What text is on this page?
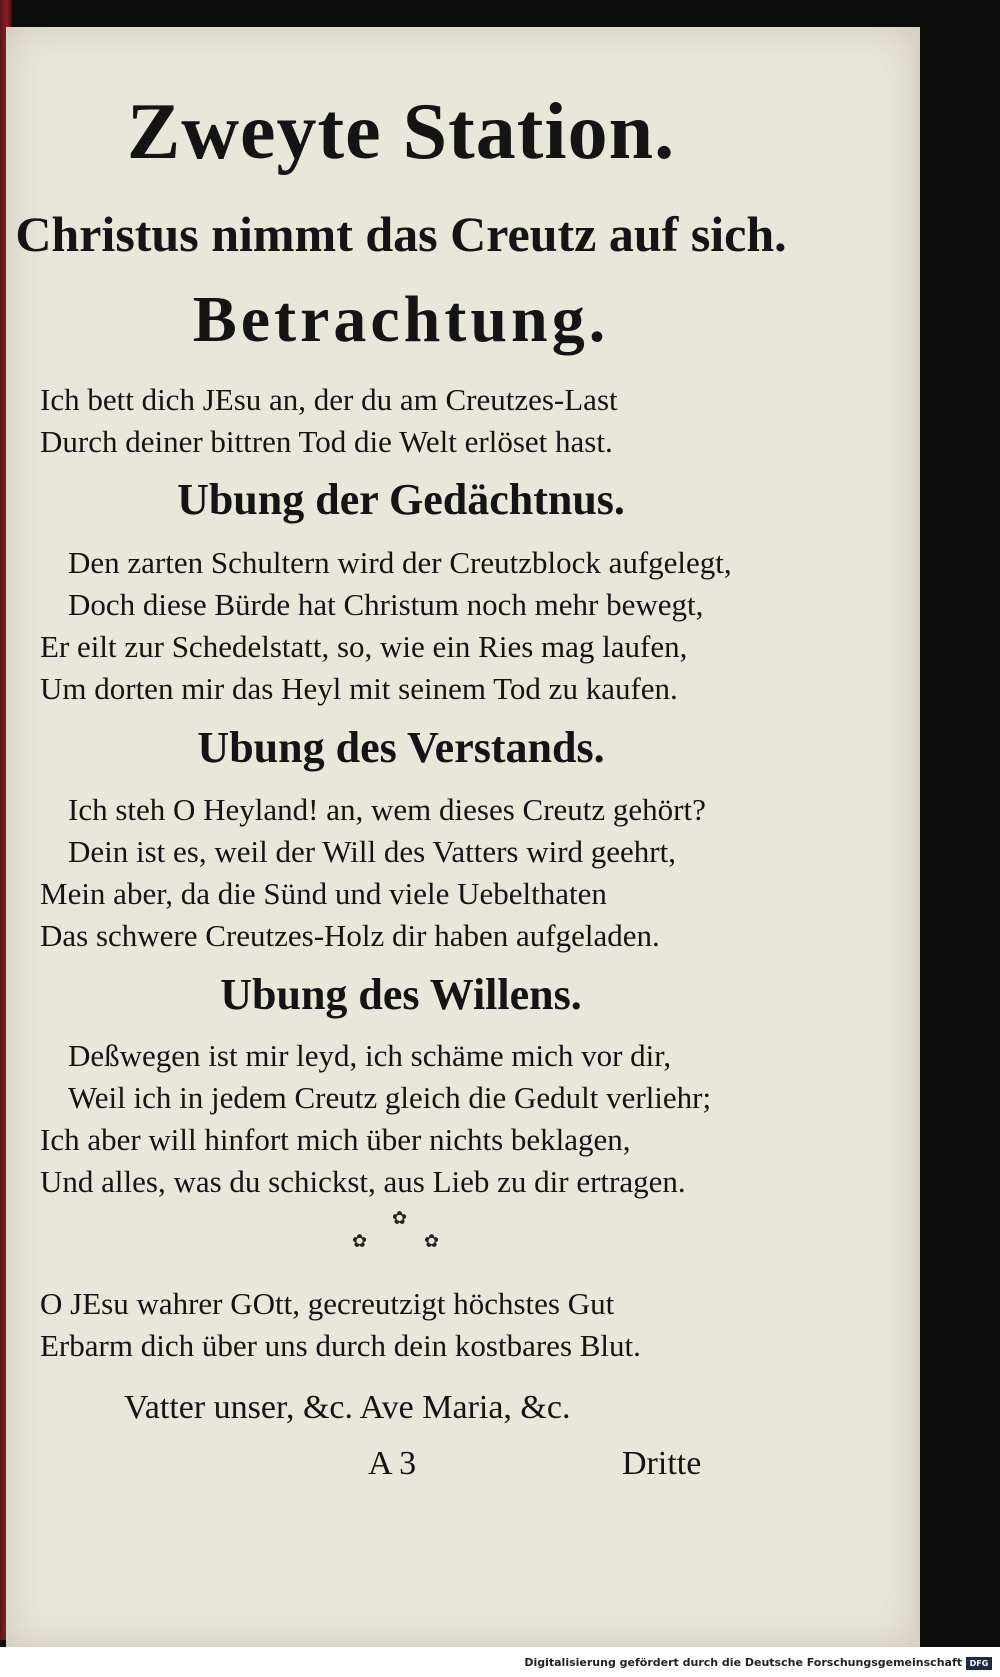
Zweyte Station.
Christus nimmt das Creutz auf sich.
Betrachtung.
Ich bett dich JEsu an, der du am Creutzes-Last
Durch deiner bittren Tod die Welt erlöset hast.
Ubung der Gedächtnus.
Den zarten Schultern wird der Creutzblock aufgelegt,
Doch diese Bürde hat Christum noch mehr bewegt,
Er eilt zur Schedelstatt, so, wie ein Ries mag laufen,
Um dorten mir das Heyl mit seinem Tod zu kaufen.
Ubung des Verstands.
Ich steh O Heyland! an, wem dieses Creutz gehört?
Dein ist es, weil der Will des Vatters wird geehrt,
Mein aber, da die Sünd und viele Uebelthaten
Das schwere Creutzes-Holz dir haben aufgeladen.
Ubung des Willens.
Deßwegen ist mir leyd, ich schäme mich vor dir,
Weil ich in jedem Creutz gleich die Gedult verliehr;
Ich aber will hinfort mich über nichts beklagen,
Und alles, was du schickst, aus Lieb zu dir ertragen.
✿
✿	✿
O JEsu wahrer GOtt, gecreutzigt höchstes Gut
Erbarm dich über uns durch dein kostbares Blut.
Vatter unser, &c. Ave Maria, &c.
A 3	Dritte
Digitalisierung gefördert durch die Deutsche Forschungsgemeinschaft DFG
